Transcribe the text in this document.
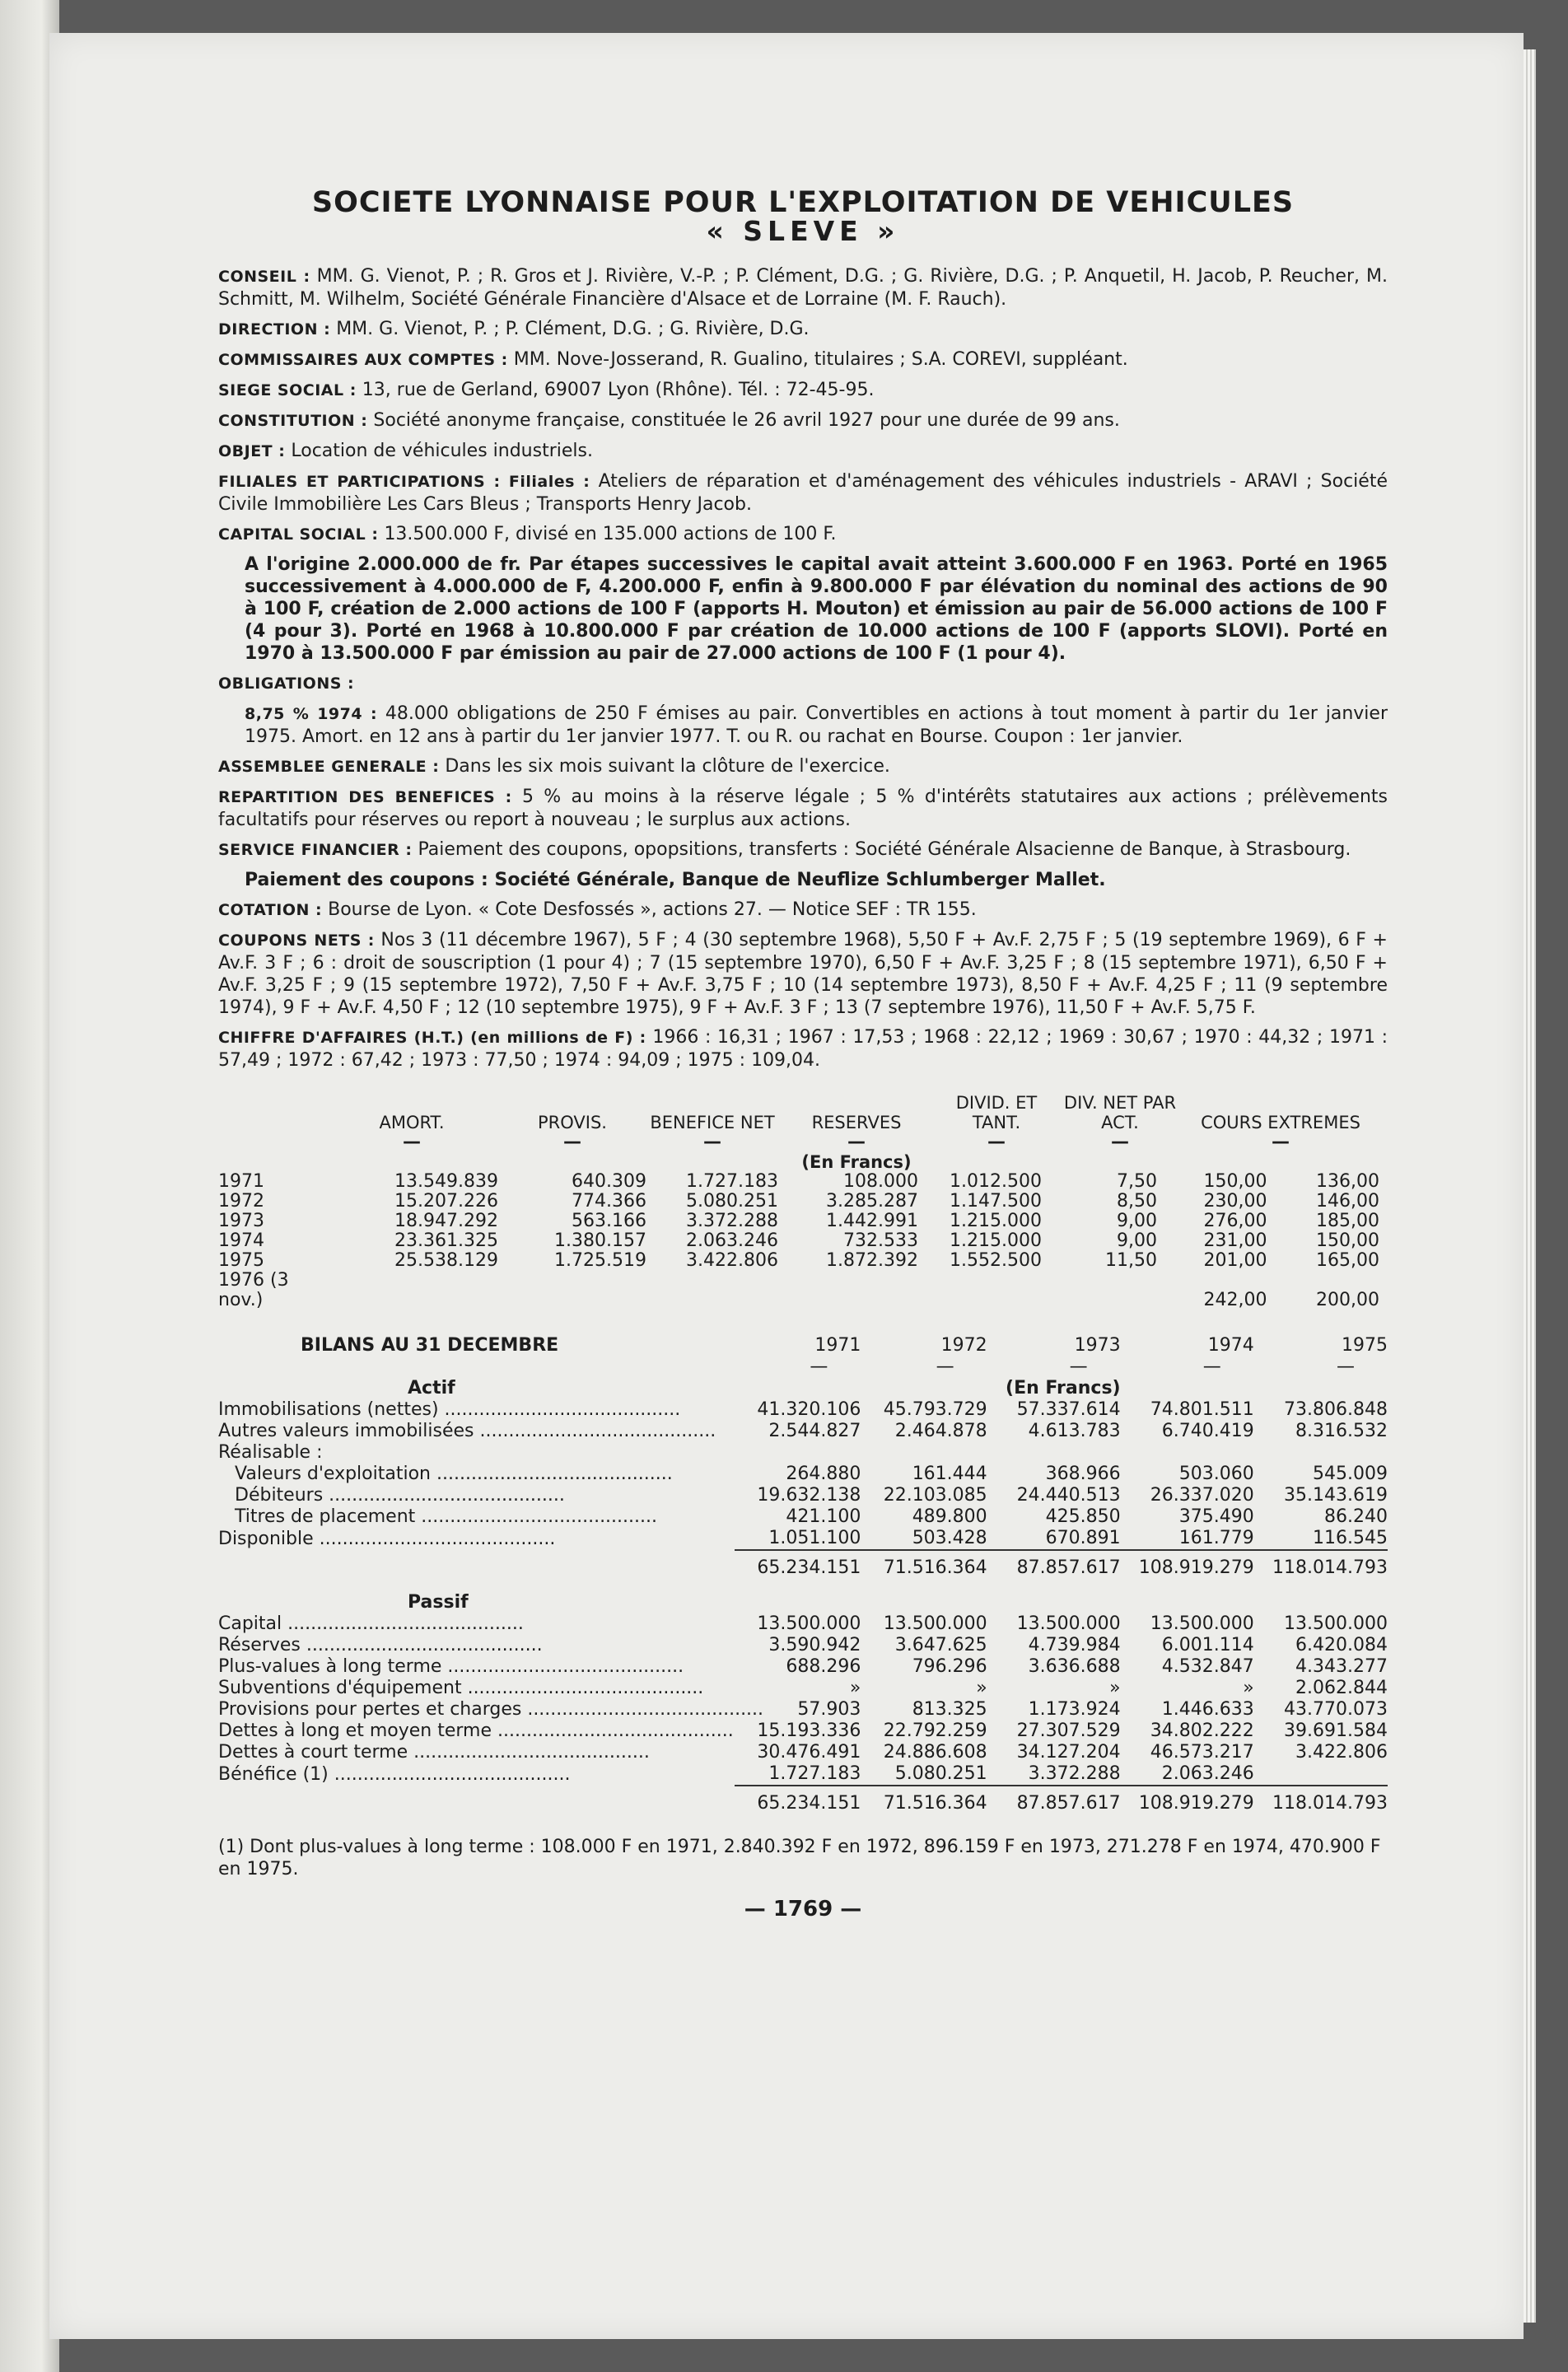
SOCIETE LYONNAISE POUR L'EXPLOITATION DE VEHICULES
« SLEVE »

CONSEIL : MM. G. Vienot, P. ; R. Gros et J. Rivière, V.-P. ; P. Clément, D.G. ; G. Rivière, D.G. ; P. Anquetil, H. Jacob, P. Reucher, M. Schmitt, M. Wilhelm, Société Générale Financière d'Alsace et de Lorraine (M. F. Rauch).

DIRECTION : MM. G. Vienot, P. ; P. Clément, D.G. ; G. Rivière, D.G.

COMMISSAIRES AUX COMPTES : MM. Nove-Josserand, R. Gualino, titulaires ; S.A. COREVI, suppléant.

SIEGE SOCIAL : 13, rue de Gerland, 69007 Lyon (Rhône). Tél. : 72-45-95.

CONSTITUTION : Société anonyme française, constituée le 26 avril 1927 pour une durée de 99 ans.

OBJET : Location de véhicules industriels.

FILIALES ET PARTICIPATIONS : Filiales : Ateliers de réparation et d'aménagement des véhicules industriels - ARAVI ; Société Civile Immobilière Les Cars Bleus ; Transports Henry Jacob.

CAPITAL SOCIAL : 13.500.000 F, divisé en 135.000 actions de 100 F.

A l'origine 2.000.000 de fr. Par étapes successives le capital avait atteint 3.600.000 F en 1963. Porté en 1965 successivement à 4.000.000 de F, 4.200.000 F, enfin à 9.800.000 F par élévation du nominal des actions de 90 à 100 F, création de 2.000 actions de 100 F (apports H. Mouton) et émission au pair de 56.000 actions de 100 F (4 pour 3). Porté en 1968 à 10.800.000 F par création de 10.000 actions de 100 F (apports SLOVI). Porté en 1970 à 13.500.000 F par émission au pair de 27.000 actions de 100 F (1 pour 4).

OBLIGATIONS :

8,75 % 1974 : 48.000 obligations de 250 F émises au pair. Convertibles en actions à tout moment à partir du 1er janvier 1975. Amort. en 12 ans à partir du 1er janvier 1977. T. ou R. ou rachat en Bourse. Coupon : 1er janvier.

ASSEMBLEE GENERALE : Dans les six mois suivant la clôture de l'exercice.

REPARTITION DES BENEFICES : 5 % au moins à la réserve légale ; 5 % d'intérêts statutaires aux actions ; prélèvements facultatifs pour réserves ou report à nouveau ; le surplus aux actions.

SERVICE FINANCIER : Paiement des coupons, opopsitions, transferts : Société Générale Alsacienne de Banque, à Strasbourg.

Paiement des coupons : Société Générale, Banque de Neuflize Schlumberger Mallet.

COTATION : Bourse de Lyon. « Cote Desfossés », actions 27. — Notice SEF : TR 155.

COUPONS NETS : Nos 3 (11 décembre 1967), 5 F ; 4 (30 septembre 1968), 5,50 F + Av.F. 2,75 F ; 5 (19 septembre 1969), 6 F + Av.F. 3 F ; 6 : droit de souscription (1 pour 4) ; 7 (15 septembre 1970), 6,50 F + Av.F. 3,25 F ; 8 (15 septembre 1971), 6,50 F + Av.F. 3,25 F ; 9 (15 septembre 1972), 7,50 F + Av.F. 3,75 F ; 10 (14 septembre 1973), 8,50 F + Av.F. 4,25 F ; 11 (9 septembre 1974), 9 F + Av.F. 4,50 F ; 12 (10 septembre 1975), 9 F + Av.F. 3 F ; 13 (7 septembre 1976), 11,50 F + Av.F. 5,75 F.

CHIFFRE D'AFFAIRES (H.T.) (en millions de F) : 1966 : 16,31 ; 1967 : 17,53 ; 1968 : 22,12 ; 1969 : 30,67 ; 1970 : 44,32 ; 1971 : 57,49 ; 1972 : 67,42 ; 1973 : 77,50 ; 1974 : 94,09 ; 1975 : 109,04.

	AMORT.	PROVIS.	BENEFICE NET	RESERVES	DIVID. ET TANT.	DIV. NET PAR ACT.	COURS EXTREMES	
	—	—	—	—	—	—	—	
				(En Francs)				
1971	13.549.839	640.309	1.727.183	108.000	1.012.500	7,50	150,00	136,00
1972	15.207.226	774.366	5.080.251	3.285.287	1.147.500	8,50	230,00	146,00
1973	18.947.292	563.166	3.372.288	1.442.991	1.215.000	9,00	276,00	185,00
1974	23.361.325	1.380.157	2.063.246	732.533	1.215.000	9,00	231,00	150,00
1975	25.538.129	1.725.519	3.422.806	1.872.392	1.552.500	11,50	201,00	165,00
1976 (3 nov.)							242,00	200,00
BILANS AU 31 DECEMBRE	1971	1972	1973	1974	1975
	—	—	—	—	—
Actif			(En Francs)		
Immobilisations (nettes) .........................................	41.320.106	45.793.729	57.337.614	74.801.511	73.806.848
Autres valeurs immobilisées .........................................	2.544.827	2.464.878	4.613.783	6.740.419	8.316.532
Réalisable :					
Valeurs d'exploitation .........................................	264.880	161.444	368.966	503.060	545.009
Débiteurs .........................................	19.632.138	22.103.085	24.440.513	26.337.020	35.143.619
Titres de placement .........................................	421.100	489.800	425.850	375.490	86.240
Disponible .........................................	1.051.100	503.428	670.891	161.779	116.545
	65.234.151	71.516.364	87.857.617	108.919.279	118.014.793
Passif					
Capital .........................................	13.500.000	13.500.000	13.500.000	13.500.000	13.500.000
Réserves .........................................	3.590.942	3.647.625	4.739.984	6.001.114	6.420.084
Plus-values à long terme .........................................	688.296	796.296	3.636.688	4.532.847	4.343.277
Subventions d'équipement .........................................	»	»	»	»	2.062.844
Provisions pour pertes et charges .........................................	57.903	813.325	1.173.924	1.446.633	43.770.073
Dettes à long et moyen terme .........................................	15.193.336	22.792.259	27.307.529	34.802.222	39.691.584
Dettes à court terme .........................................	30.476.491	24.886.608	34.127.204	46.573.217	3.422.806
Bénéfice (1) .........................................	1.727.183	5.080.251	3.372.288	2.063.246	
	65.234.151	71.516.364	87.857.617	108.919.279	118.014.793
(1) Dont plus-values à long terme : 108.000 F en 1971, 2.840.392 F en 1972, 896.159 F en 1973, 271.278 F en 1974, 470.900 F en 1975.
— 1769 —
